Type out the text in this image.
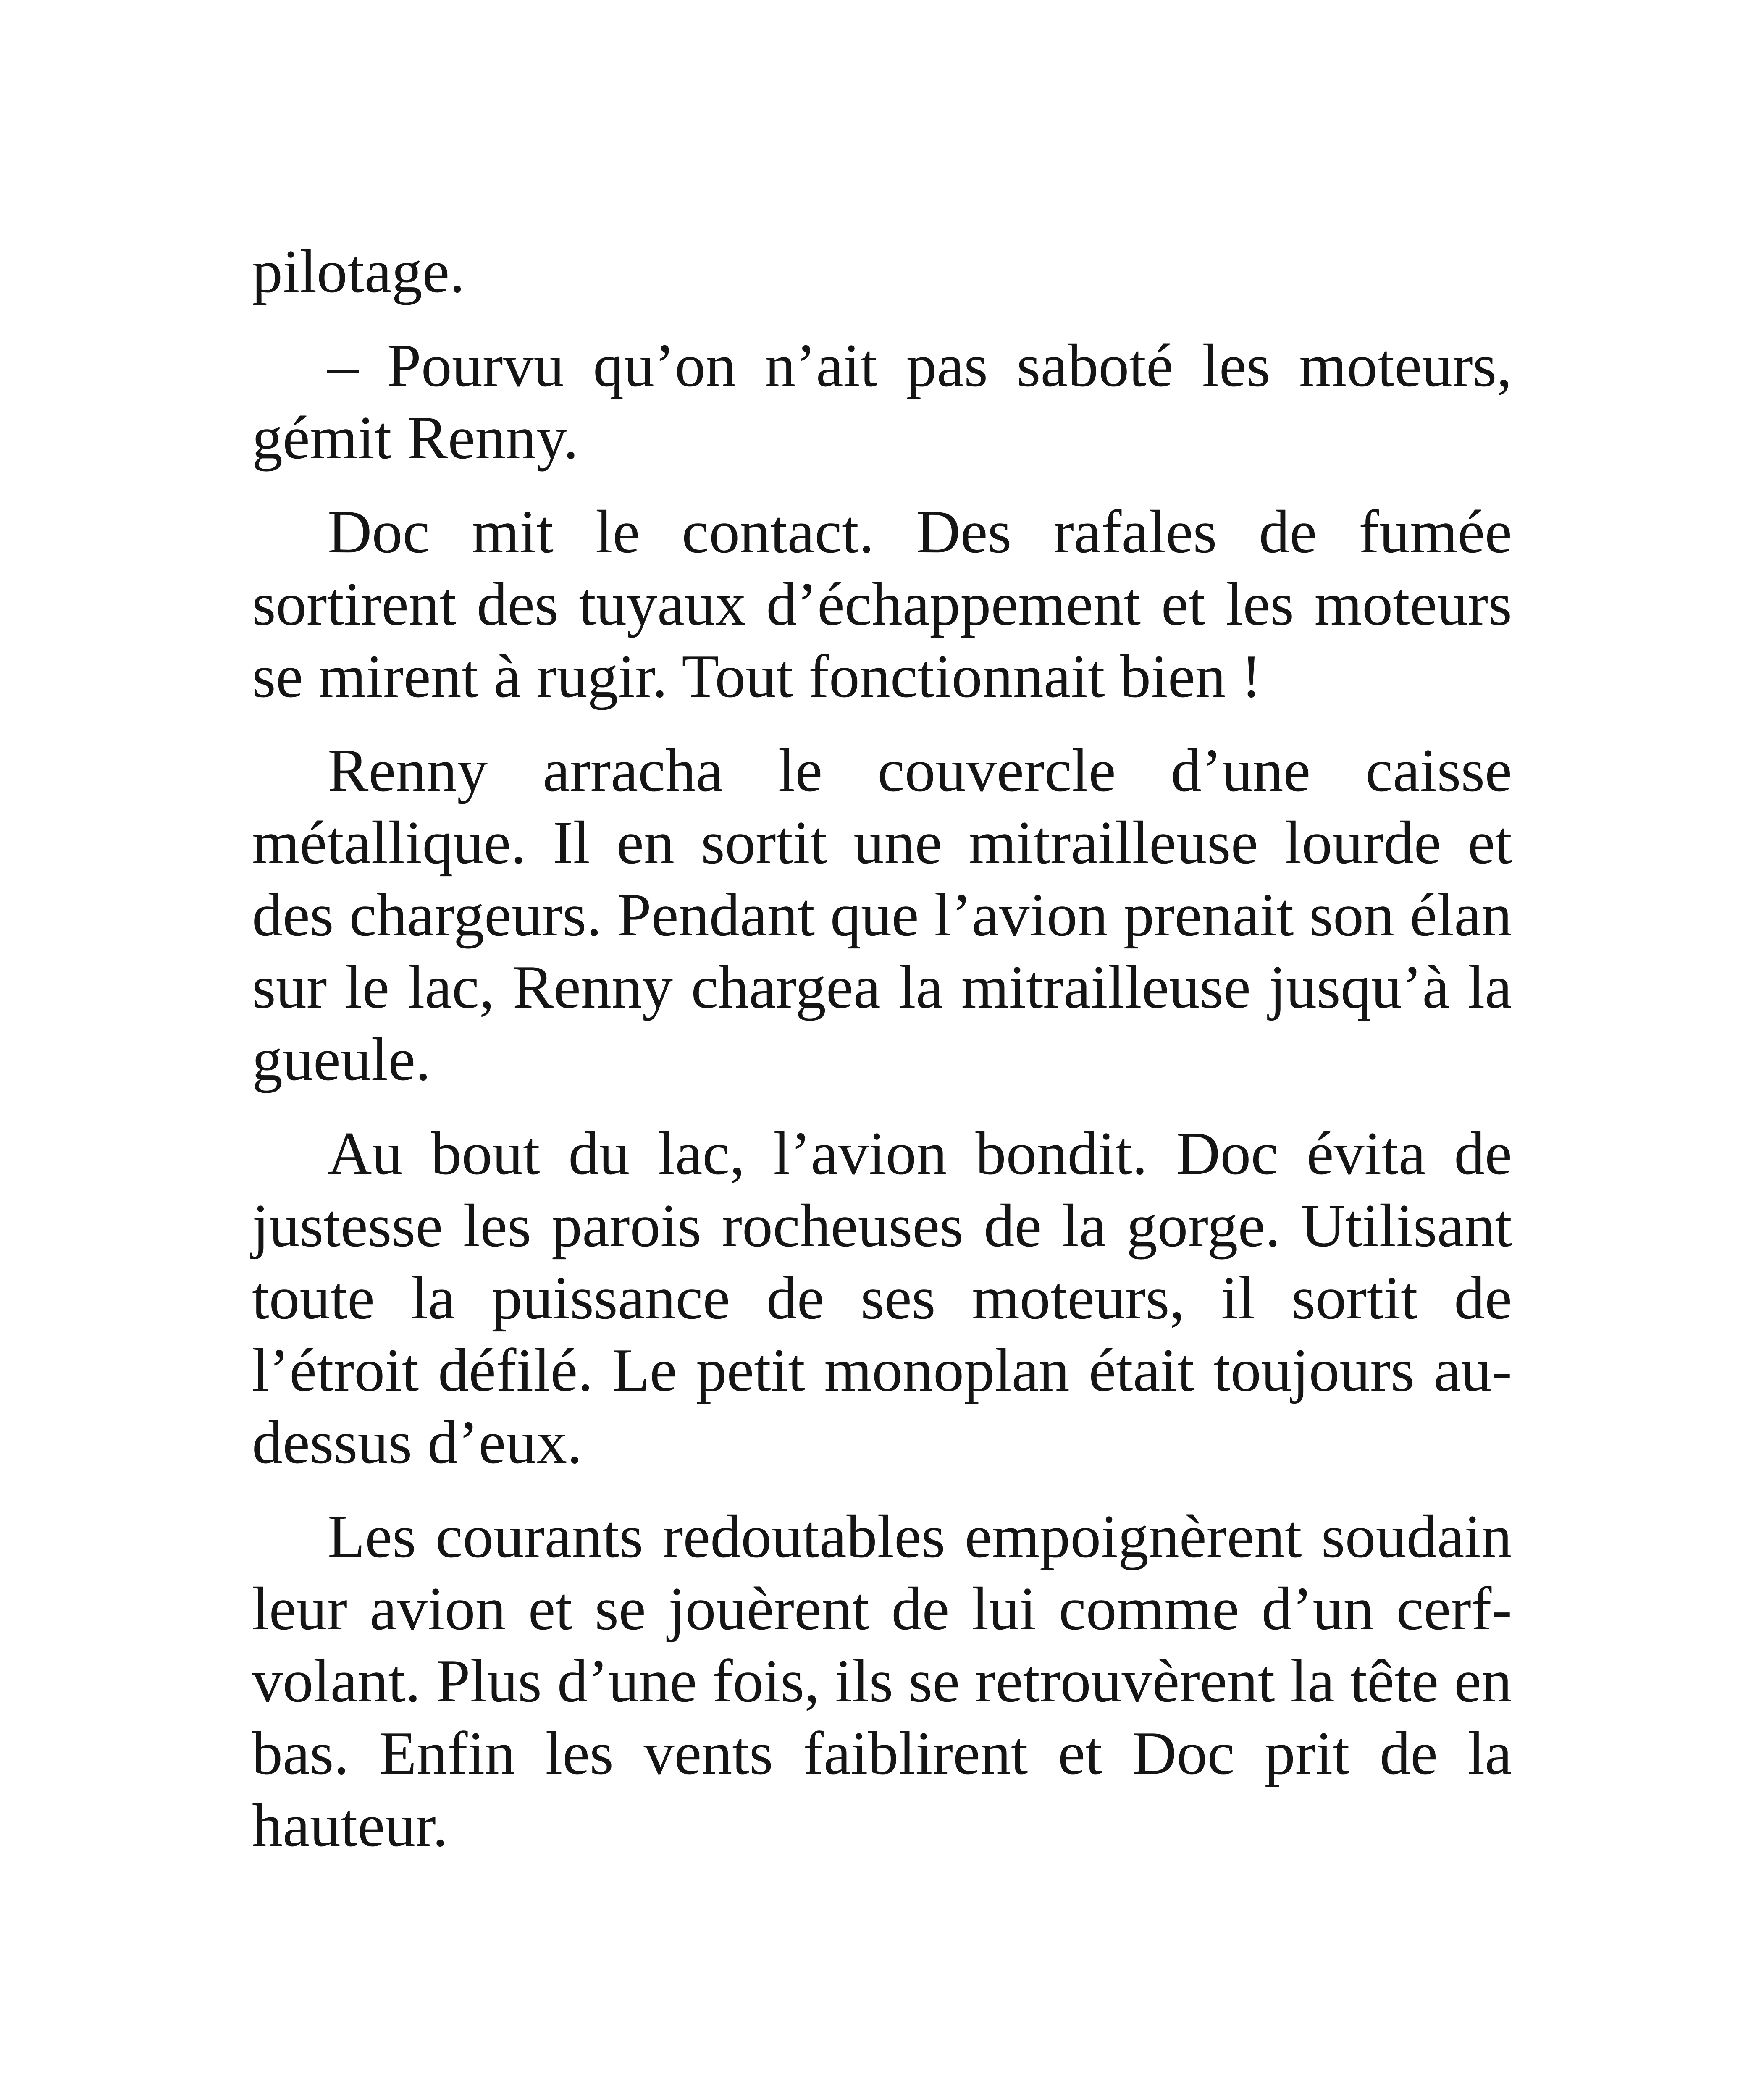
pilotage.

– Pourvu qu’on n’ait pas saboté les moteurs, gémit Renny.

Doc mit le contact. Des rafales de fumée sortirent des tuyaux d’échappement et les moteurs se mirent à rugir. Tout fonctionnait bien !

Renny arracha le couvercle d’une caisse métallique. Il en sortit une mitrailleuse lourde et des chargeurs. Pendant que l’avion prenait son élan sur le lac, Renny chargea la mitrailleuse jusqu’à la gueule.

Au bout du lac, l’avion bondit. Doc évita de justesse les parois rocheuses de la gorge. Utilisant toute la puissance de ses moteurs, il sortit de l’étroit défilé. Le petit monoplan était toujours au-dessus d’eux.

Les courants redoutables empoignèrent soudain leur avion et se jouèrent de lui comme d’un cerf-volant. Plus d’une fois, ils se retrouvèrent la tête en bas. Enfin les vents faiblirent et Doc prit de la hauteur.
